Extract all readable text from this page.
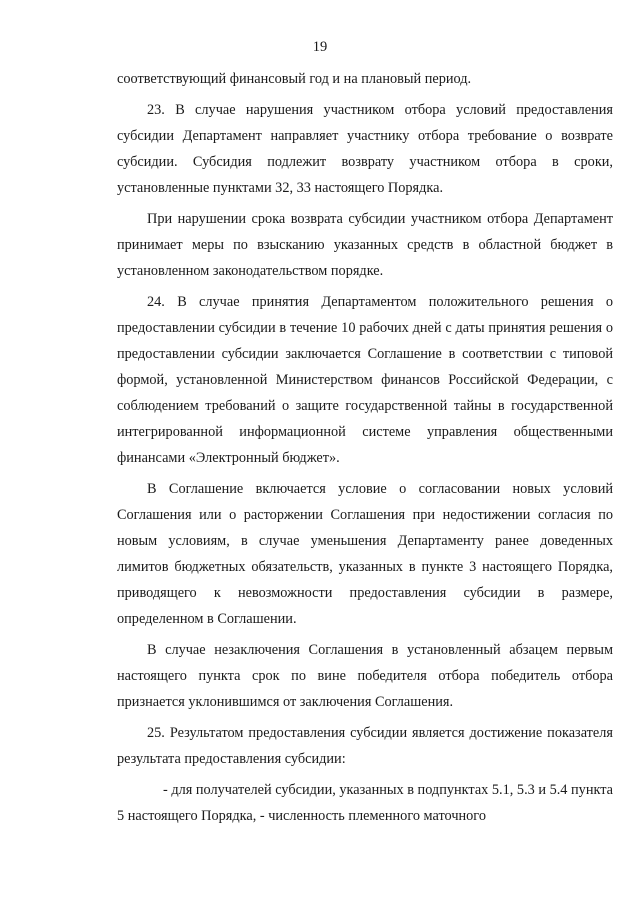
19

соответствующий финансовый год и на плановый период.

23. В случае нарушения участником отбора условий предоставления субсидии Департамент направляет участнику отбора требование о возврате субсидии. Субсидия подлежит возврату участником отбора в сроки, установленные пунктами 32, 33 настоящего Порядка.

При нарушении срока возврата субсидии участником отбора Департамент принимает меры по взысканию указанных средств в областной бюджет в установленном законодательством порядке.

24. В случае принятия Департаментом положительного решения о предоставлении субсидии в течение 10 рабочих дней с даты принятия решения о предоставлении субсидии заключается Соглашение в соответствии с типовой формой, установленной Министерством финансов Российской Федерации, с соблюдением требований о защите государственной тайны в государственной интегрированной информационной системе управления общественными финансами «Электронный бюджет».

В Соглашение включается условие о согласовании новых условий Соглашения или о расторжении Соглашения при недостижении согласия по новым условиям, в случае уменьшения Департаменту ранее доведенных лимитов бюджетных обязательств, указанных в пункте 3 настоящего Порядка, приводящего к невозможности предоставления субсидии в размере, определенном в Соглашении.

В случае незаключения Соглашения в установленный абзацем первым настоящего пункта срок по вине победителя отбора победитель отбора признается уклонившимся от заключения Соглашения.

25. Результатом предоставления субсидии является достижение показателя результата предоставления субсидии:

- для получателей субсидии, указанных в подпунктах 5.1, 5.3 и 5.4 пункта 5 настоящего Порядка, - численность племенного маточного
